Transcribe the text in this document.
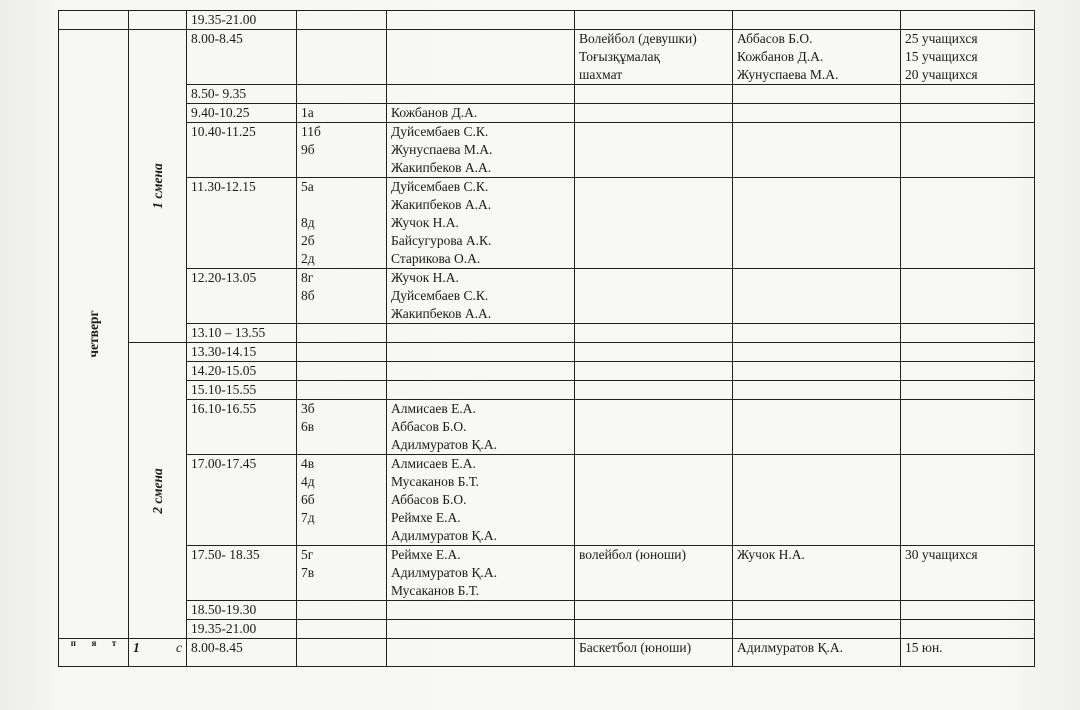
		19.35-21.00					

четверг	1 смена	8.00-8.45			Волейбол (девушки)
Тоғызқұмалақ
шахмат	Аббасов Б.О.
Кожбанов Д.А.
Жунуспаева М.А.	25 учащихся
15 учащихся
20 учащихся

		8.50- 9.35					

		9.40-10.25	1а	Кожбанов Д.А.			

		10.40-11.25	11б
9б	Дуйсембаев С.К.
Жунуспаева М.А.
Жакипбеков А.А.			

		11.30-12.15	5а
8д
2б
2д	Дуйсембаев С.К.
Жакипбеков А.А.
Жучок Н.А.
Байсугурова А.К.
Старикова О.А.			

		12.20-13.05	8г
8б	Жучок Н.А.
Дуйсембаев С.К.
Жакипбеков А.А.			

		13.10 – 13.55					

	2 смена	13.30-14.15					

		14.20-15.05					

		15.10-15.55					

		16.10-16.55	3б
6в	Алмисаев Е.А.
Аббасов Б.О.
Адилмуратов Қ.А.			

		17.00-17.45	4в
4д
6б
7д	Алмисаев Е.А.
Мусаканов Б.Т.
Аббасов Б.О.
Реймхе Е.А.
Адилмуратов Қ.А.			

		17.50- 18.35	5г
7в	Реймхе Е.А.
Адилмуратов Қ.А.
Мусаканов Б.Т.	волейбол (юноши)	Жучок Н.А.	30 учащихся

		18.50-19.30					

		19.35-21.00					

п я т	1 с	8.00-8.45			Баскетбол (юноши)	Адилмуратов Қ.А.	15 юн.
